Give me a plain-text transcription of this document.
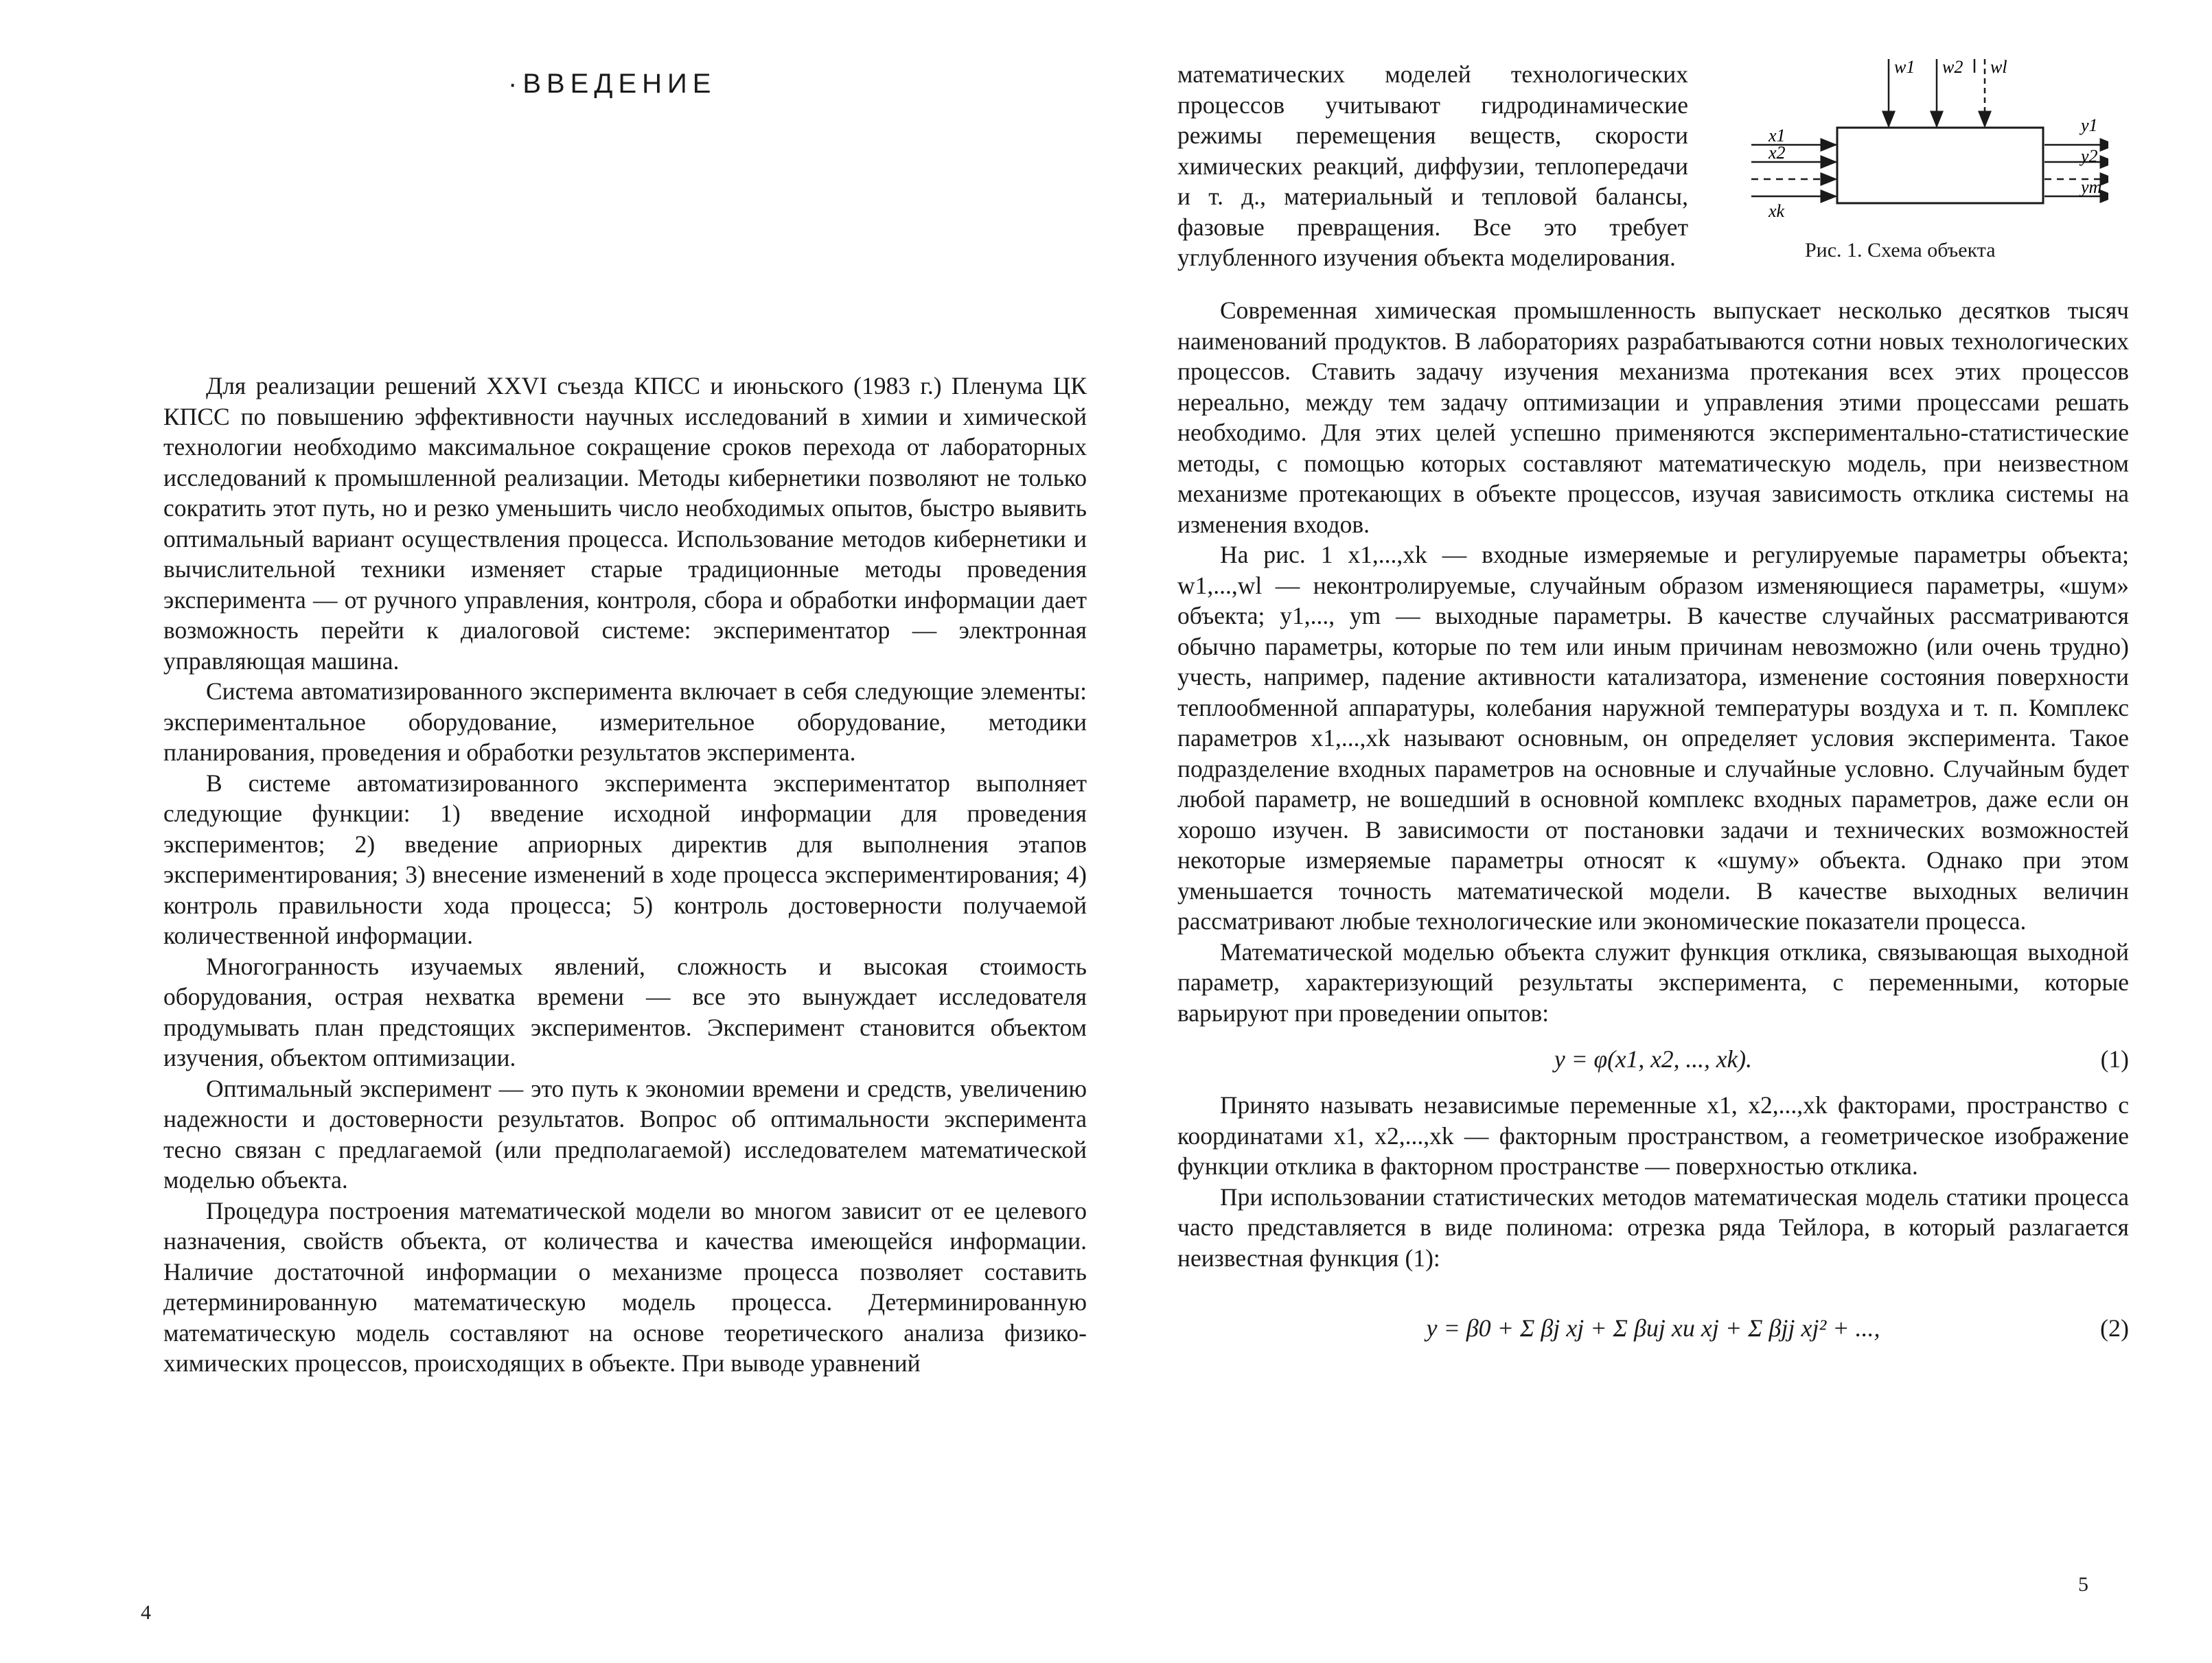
·ВВЕДЕНИЕ

Для реализации решений XXVI съезда КПСС и июньского (1983 г.) Пленума ЦК КПСС по повышению эффективности научных исследований в химии и химической технологии необходимо максимальное сокращение сроков перехода от лабораторных исследований к промышленной реализации. Методы кибернетики позволяют не только сократить этот путь, но и резко уменьшить число необходимых опытов, быстро выявить оптимальный вариант осуществления процесса. Использование методов кибернетики и вычислительной техники изменяет старые традиционные методы проведения эксперимента — от ручного управления, контроля, сбора и обработки информации дает возможность перейти к диалоговой системе: экспериментатор — электронная управляющая машина.

Система автоматизированного эксперимента включает в себя следующие элементы: экспериментальное оборудование, измерительное оборудование, методики планирования, проведения и обработки результатов эксперимента.

В системе автоматизированного эксперимента экспериментатор выполняет следующие функции: 1) введение исходной информации для проведения экспериментов; 2) введение априорных директив для выполнения этапов экспериментирования; 3) внесение изменений в ходе процесса экспериментирования; 4) контроль правильности хода процесса; 5) контроль достоверности получаемой количественной информации.

Многогранность изучаемых явлений, сложность и высокая стоимость оборудования, острая нехватка времени — все это вынуждает исследователя продумывать план предстоящих экспериментов. Эксперимент становится объектом изучения, объектом оптимизации.

Оптимальный эксперимент — это путь к экономии времени и средств, увеличению надежности и достоверности результатов. Вопрос об оптимальности эксперимента тесно связан с предлагаемой (или предполагаемой) исследователем математической моделью объекта.

Процедура построения математической модели во многом зависит от ее целевого назначения, свойств объекта, от количества и качества имеющейся информации. Наличие достаточной информации о механизме процесса позволяет составить детерминированную математическую модель процесса. Детерминированную математическую модель составляют на основе теоретического анализа физико-химических процессов, происходящих в объекте. При выводе уравнений

4
математических моделей технологических процессов учитывают гидродинамические режимы перемещения веществ, скорости химических реакций, диффузии, теплопередачи и т. д., материальный и тепловой балансы, фазовые превращения. Все это требует углубленного изучения объекта моделирования.
w1 w2 wl
x1
x2
xk
y1
y2
ym
Рис. 1. Схема объекта

Современная химическая промышленность выпускает несколько десятков тысяч наименований продуктов. В лабораториях разрабатываются сотни новых технологических процессов. Ставить задачу изучения механизма протекания всех этих процессов нереально, между тем задачу оптимизации и управления этими процессами решать необходимо. Для этих целей успешно применяются экспериментально-статистические методы, с помощью которых составляют математическую модель, при неизвестном механизме протекающих в объекте процессов, изучая зависимость отклика системы на изменения входов.

На рис. 1 x1,...,xk — входные измеряемые и регулируемые параметры объекта; w1,...,wl — неконтролируемые, случайным образом изменяющиеся параметры, «шум» объекта; y1,..., ym — выходные параметры. В качестве случайных рассматриваются обычно параметры, которые по тем или иным причинам невозможно (или очень трудно) учесть, например, падение активности катализатора, изменение состояния поверхности теплообменной аппаратуры, колебания наружной температуры воздуха и т. п. Комплекс параметров x1,...,xk называют основным, он определяет условия эксперимента. Такое подразделение входных параметров на основные и случайные условно. Случайным будет любой параметр, не вошедший в основной комплекс входных параметров, даже если он хорошо изучен. В зависимости от постановки задачи и технических возможностей некоторые измеряемые параметры относят к «шуму» объекта. Однако при этом уменьшается точность математической модели. В качестве выходных величин рассматривают любые технологические или экономические показатели процесса.

Математической моделью объекта служит функция отклика, связывающая выходной параметр, характеризующий результаты эксперимента, с переменными, которые варьируют при проведении опытов:

y = φ(x1, x2, ..., xk).	(1)

Принято называть независимые переменные x1, x2,...,xk факторами, пространство с координатами x1, x2,...,xk — факторным пространством, а геометрическое изображение функции отклика в факторном пространстве — поверхностью отклика.

При использовании статистических методов математическая модель статики процесса часто представляется в виде полинома: отрезка ряда Тейлора, в который разлагается неизвестная функция (1):

y = β0 + Σ βj xj + Σ βuj xu xj + Σ βjj xj² + ...,	(2)
5
